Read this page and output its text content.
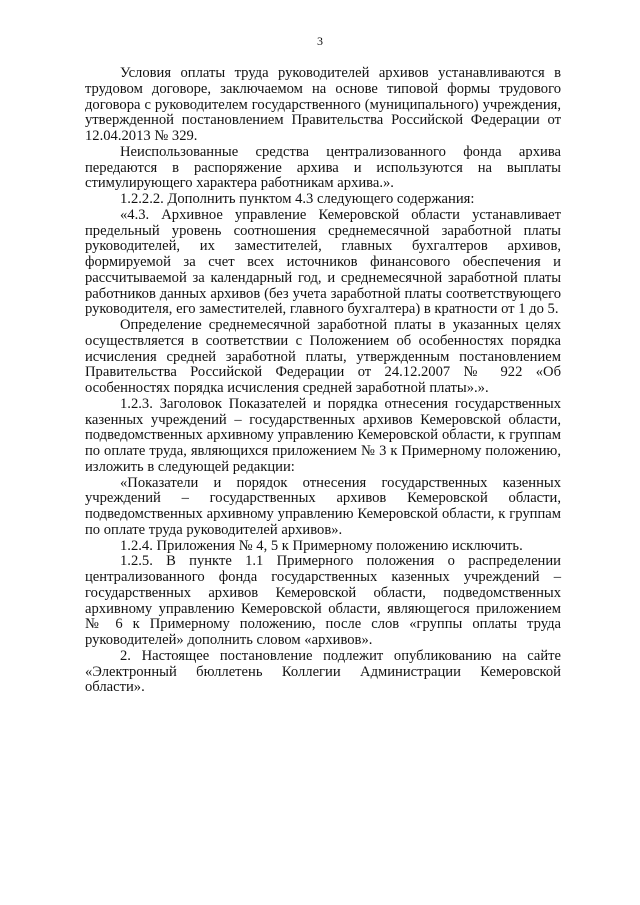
3

Условия оплаты труда руководителей архивов устанавливаются в трудовом договоре, заключаемом на основе типовой формы трудового договора с руководителем государственного (муниципального) учреждения, утвержденной постановлением Правительства Российской Федерации от 12.04.2013 № 329.

Неиспользованные средства централизованного фонда архива передаются в распоряжение архива и используются на выплаты стимулирующего характера работникам архива.».

1.2.2.2. Дополнить пунктом 4.3 следующего содержания:

«4.3. Архивное управление Кемеровской области устанавливает предельный уровень соотношения среднемесячной заработной платы руководителей, их заместителей, главных бухгалтеров архивов, формируемой за счет всех источников финансового обеспечения и рассчитываемой за календарный год, и среднемесячной заработной платы работников данных архивов (без учета заработной платы соответствующего руководителя, его заместителей, главного бухгалтера) в кратности от 1 до 5.

Определение среднемесячной заработной платы в указанных целях осуществляется в соответствии с Положением об особенностях порядка исчисления средней заработной платы, утвержденным постановлением Правительства Российской Федерации от 24.12.2007 № 922 «Об особенностях порядка исчисления средней заработной платы».».

1.2.3. Заголовок Показателей и порядка отнесения государственных казенных учреждений – государственных архивов Кемеровской области, подведомственных архивному управлению Кемеровской области, к группам по оплате труда, являющихся приложением № 3 к Примерному положению, изложить в следующей редакции:

«Показатели и порядок отнесения государственных казенных учреждений – государственных архивов Кемеровской области, подведомственных архивному управлению Кемеровской области, к группам по оплате труда руководителей архивов».

1.2.4. Приложения № 4, 5 к Примерному положению исключить.

1.2.5. В пункте 1.1 Примерного положения о распределении централизованного фонда государственных казенных учреждений – государственных архивов Кемеровской области, подведомственных архивному управлению Кемеровской области, являющегося приложением № 6 к Примерному положению, после слов «группы оплаты труда руководителей» дополнить словом «архивов».

2. Настоящее постановление подлежит опубликованию на сайте «Электронный бюллетень Коллегии Администрации Кемеровской области».
